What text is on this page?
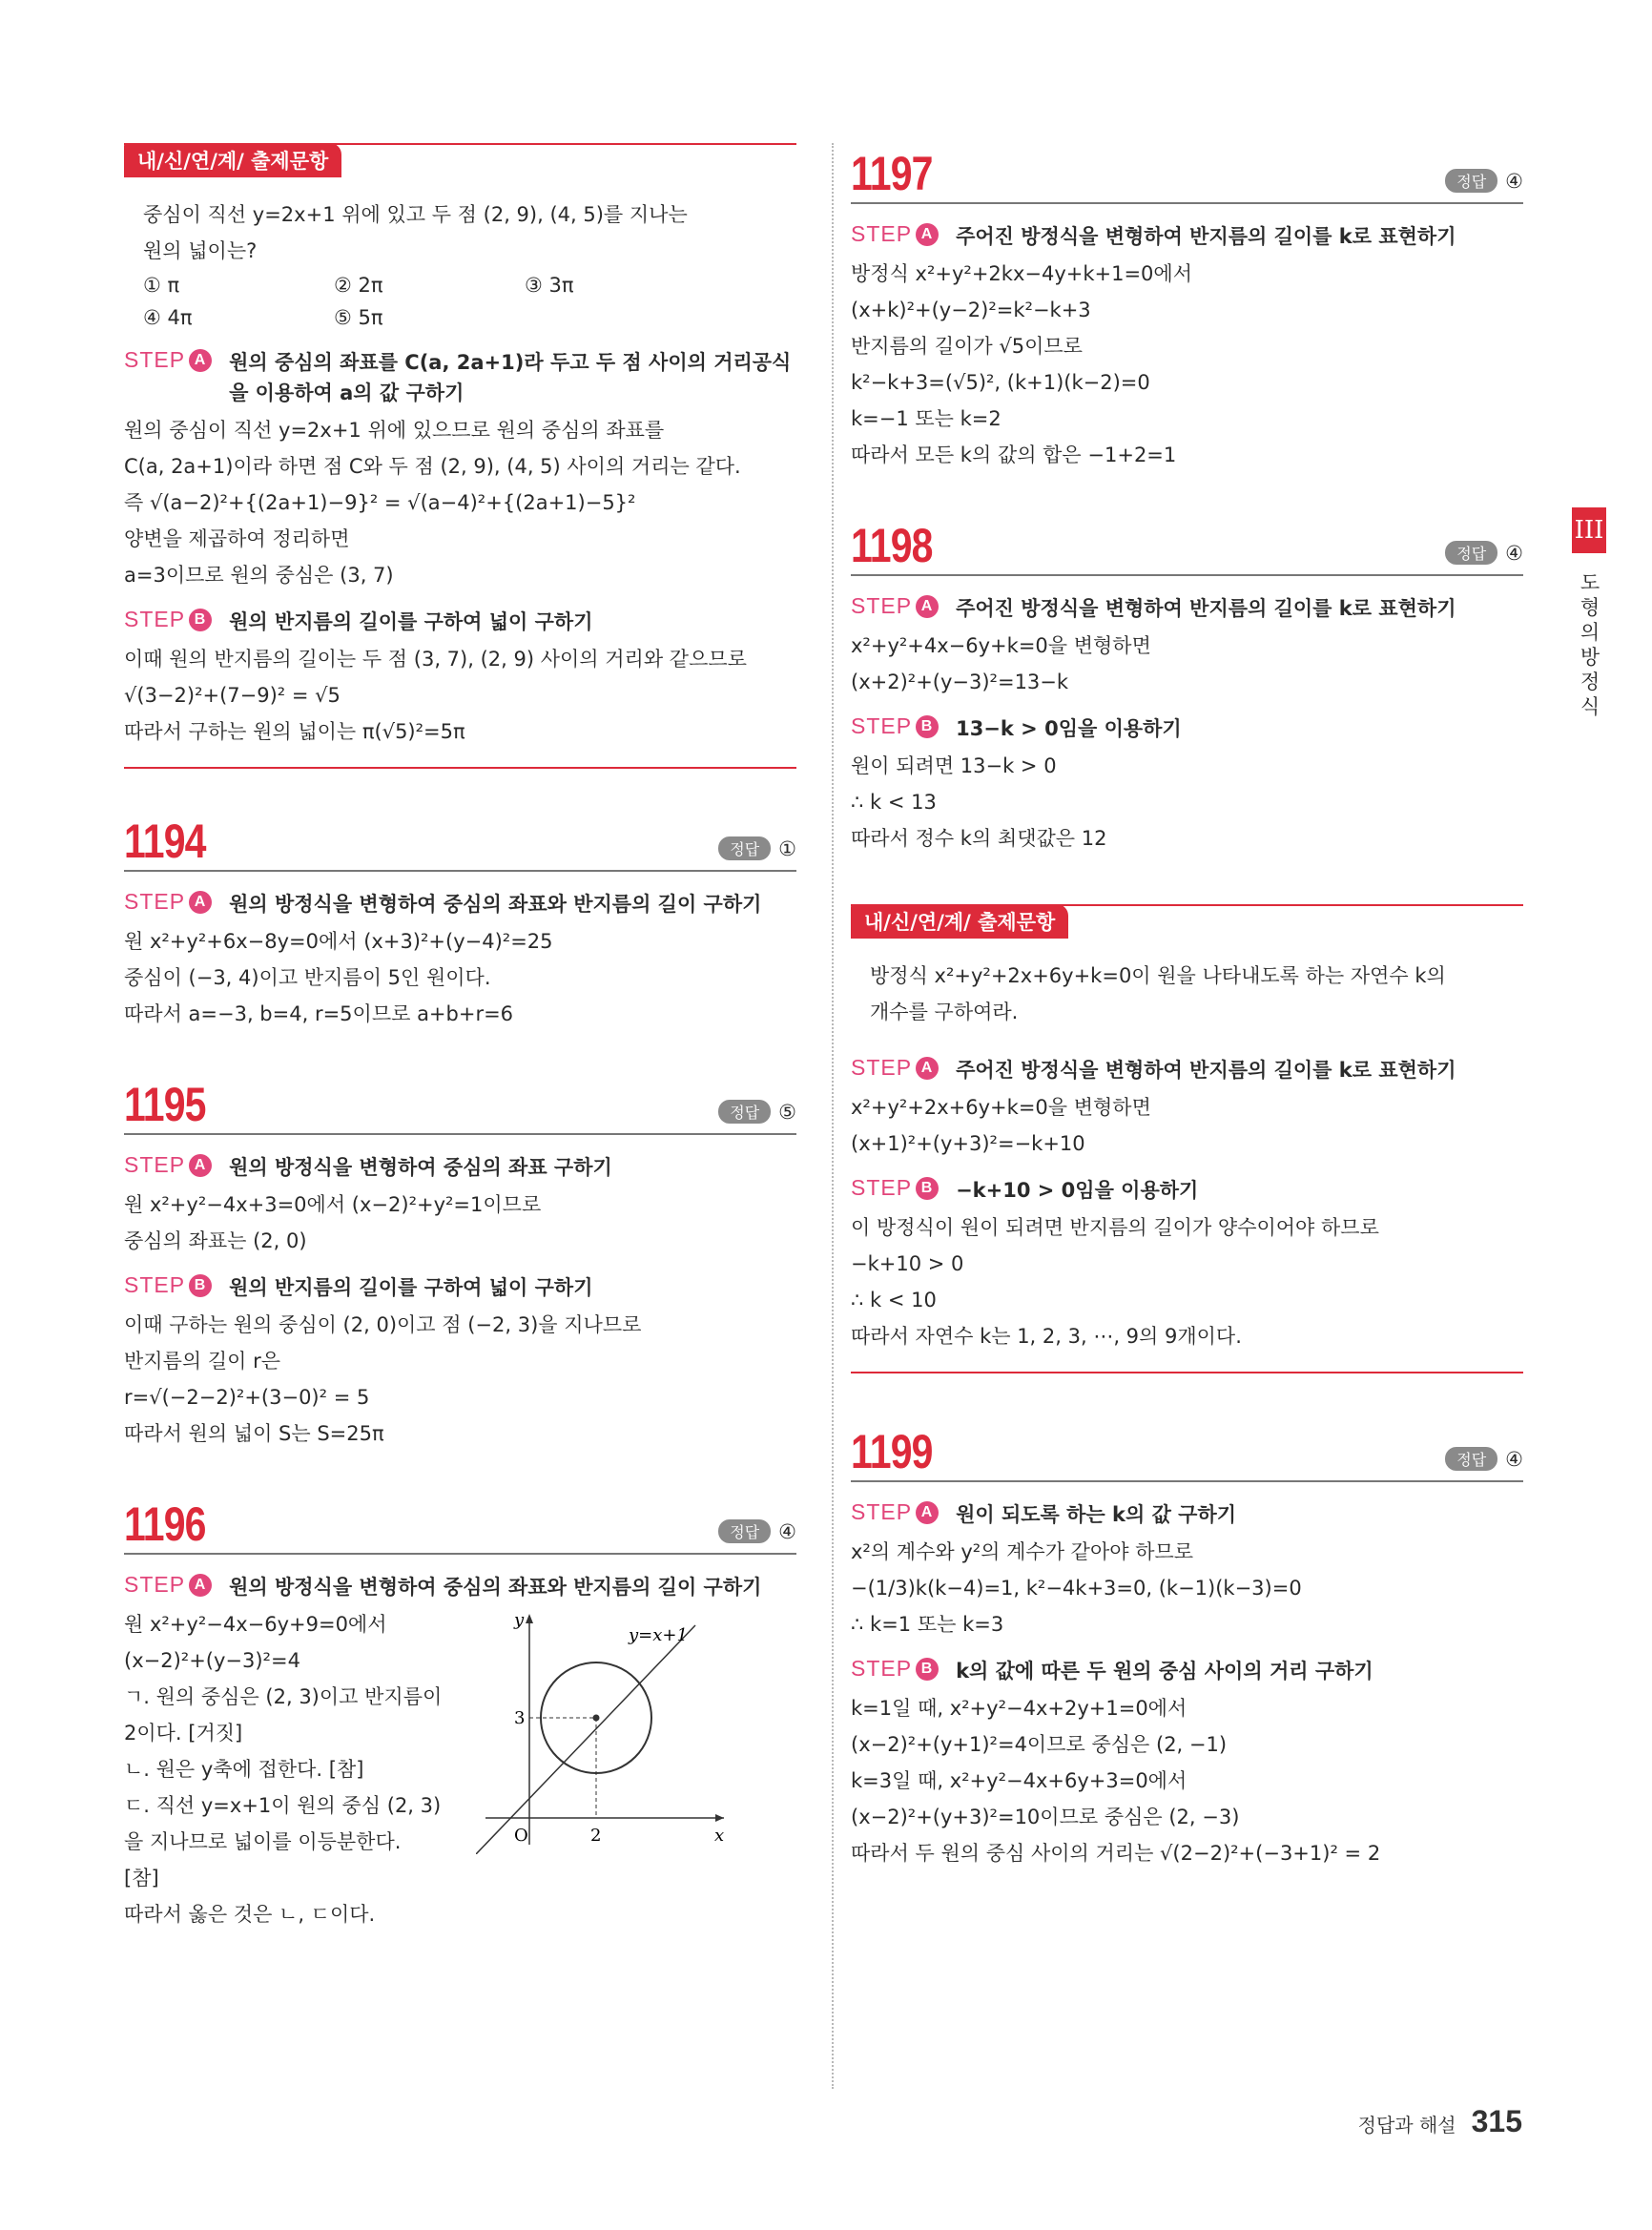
내/신/연/계/ 출제문항

중심이 직선 y=2x+1 위에 있고 두 점 (2, 9), (4, 5)를 지나는

원의 넓이는?

① π	② 2π	③ 3π
④ 4π	⑤ 5π
STEP A 원의 중심의 좌표를 C(a, 2a+1)라 두고 두 점 사이의 거리공식을 이용하여 a의 값 구하기

원의 중심이 직선 y=2x+1 위에 있으므로 원의 중심의 좌표를

C(a, 2a+1)이라 하면 점 C와 두 점 (2, 9), (4, 5) 사이의 거리는 같다.

즉 √(a−2)²+{(2a+1)−9}² = √(a−4)²+{(2a+1)−5}²

양변을 제곱하여 정리하면

a=3이므로 원의 중심은 (3, 7)

STEP B 원의 반지름의 길이를 구하여 넓이 구하기

이때 원의 반지름의 길이는 두 점 (3, 7), (2, 9) 사이의 거리와 같으므로

√(3−2)²+(7−9)² = √5

따라서 구하는 원의 넓이는 π(√5)²=5π

1194	정답 ①
STEP A 원의 방정식을 변형하여 중심의 좌표와 반지름의 길이 구하기

원 x²+y²+6x−8y=0에서 (x+3)²+(y−4)²=25

중심이 (−3, 4)이고 반지름이 5인 원이다.

따라서 a=−3, b=4, r=5이므로 a+b+r=6

1195	정답 ⑤
STEP A 원의 방정식을 변형하여 중심의 좌표 구하기

원 x²+y²−4x+3=0에서 (x−2)²+y²=1이므로

중심의 좌표는 (2, 0)

STEP B 원의 반지름의 길이를 구하여 넓이 구하기

이때 구하는 원의 중심이 (2, 0)이고 점 (−2, 3)을 지나므로

반지름의 길이 r은

r=√(−2−2)²+(3−0)² = 5

따라서 원의 넓이 S는 S=25π

1196	정답 ④
STEP A 원의 방정식을 변형하여 중심의 좌표와 반지름의 길이 구하기

원 x²+y²−4x−6y+9=0에서

(x−2)²+(y−3)²=4

ㄱ. 원의 중심은 (2, 3)이고 반지름이

2이다. [거짓]

ㄴ. 원은 y축에 접한다. [참]

ㄷ. 직선 y=x+1이 원의 중심 (2, 3)

을 지나므로 넓이를 이등분한다.

[참]

따라서 옳은 것은 ㄴ, ㄷ이다.

y
x
O	2
3
y=x+1
1197	정답 ④
STEP A 주어진 방정식을 변형하여 반지름의 길이를 k로 표현하기

방정식 x²+y²+2kx−4y+k+1=0에서

(x+k)²+(y−2)²=k²−k+3

반지름의 길이가 √5이므로

k²−k+3=(√5)², (k+1)(k−2)=0

k=−1 또는 k=2

따라서 모든 k의 값의 합은 −1+2=1

1198	정답 ④
STEP A 주어진 방정식을 변형하여 반지름의 길이를 k로 표현하기

x²+y²+4x−6y+k=0을 변형하면

(x+2)²+(y−3)²=13−k

STEP B 13−k > 0임을 이용하기

원이 되려면 13−k > 0

∴ k < 13

따라서 정수 k의 최댓값은 12

내/신/연/계/ 출제문항

방정식 x²+y²+2x+6y+k=0이 원을 나타내도록 하는 자연수 k의

개수를 구하여라.

STEP A 주어진 방정식을 변형하여 반지름의 길이를 k로 표현하기

x²+y²+2x+6y+k=0을 변형하면

(x+1)²+(y+3)²=−k+10

STEP B −k+10 > 0임을 이용하기

이 방정식이 원이 되려면 반지름의 길이가 양수이어야 하므로

−k+10 > 0

∴ k < 10

따라서 자연수 k는 1, 2, 3, ⋯, 9의 9개이다.

1199	정답 ④
STEP A 원이 되도록 하는 k의 값 구하기

x²의 계수와 y²의 계수가 같아야 하므로

−(1/3)k(k−4)=1, k²−4k+3=0, (k−1)(k−3)=0

∴ k=1 또는 k=3

STEP B k의 값에 따른 두 원의 중심 사이의 거리 구하기

k=1일 때, x²+y²−4x+2y+1=0에서

(x−2)²+(y+1)²=4이므로 중심은 (2, −1)

k=3일 때, x²+y²−4x+6y+3=0에서

(x−2)²+(y+3)²=10이므로 중심은 (2, −3)

따라서 두 원의 중심 사이의 거리는 √(2−2)²+(−3+1)² = 2

III
도형의 방정식
정답과 해설 315
